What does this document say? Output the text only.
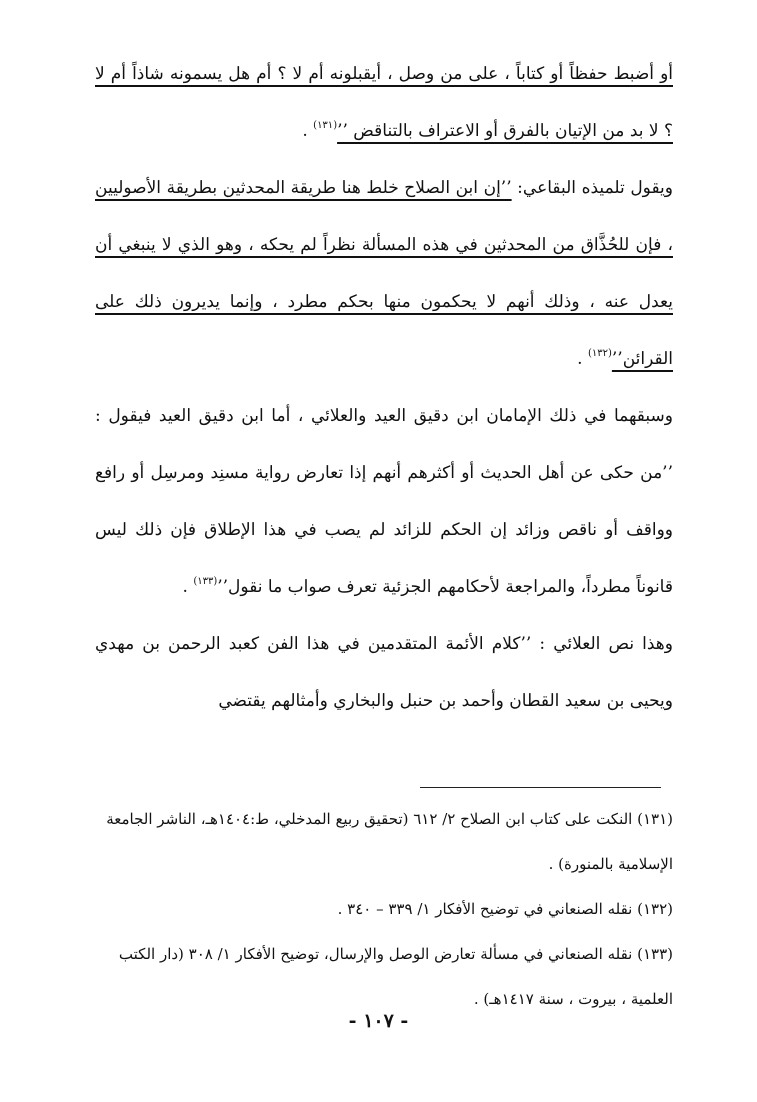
أو أضبط حفظاً أو كتاباً ، على من وصل ، أيقبلونه أم لا ؟ أم هل يسمونه شاذاً أم لا ؟ لا بد من الإتيان بالفرق أو الاعتراف بالتناقض ’’$^{(١٣١)}$ .

ويقول تلميذه البقاعي: ’’إن ابن الصلاح خلط هنا طريقة المحدثين بطريقة الأصوليين ، فإن للحُذَّاق من المحدثين في هذه المسألة نظراً لم يحكه ، وهو الذي لا ينبغي أن يعدل عنه ، وذلك أنهم لا يحكمون منها بحكم مطرد ، وإنما يديرون ذلك على القرائن’’$^{(١٣٢)}$ .

وسبقهما في ذلك الإمامان ابن دقيق العيد والعلائي ، أما ابن دقيق العيد فيقول : ’’من حكى عن أهل الحديث أو أكثرهم أنهم إذا تعارض رواية مسنِد ومرسِل أو رافع وواقف أو ناقص وزائد إن الحكم للزائد لم يصب في هذا الإطلاق فإن ذلك ليس قانوناً مطرداً، والمراجعة لأحكامهم الجزئية تعرف صواب ما نقول’’$^{(١٣٣)}$ .

وهذا نص العلائي : ’’كلام الأئمة المتقدمين في هذا الفن كعبد الرحمن بن مهدي ويحيى بن سعيد القطان وأحمد بن حنبل والبخاري وأمثالهم يقتضي

(١٣١) النكت على كتاب ابن الصلاح ٢/ ٦١٢ (تحقيق ربيع المدخلي، ط:١٤٠٤هـ، الناشر الجامعة الإسلامية بالمنورة) .

(١٣٢) نقله الصنعاني في توضيح الأفكار ١/ ٣٣٩ – ٣٤٠ .

(١٣٣) نقله الصنعاني في مسألة تعارض الوصل والإرسال، توضيح الأفكار ١/ ٣٠٨ (دار الكتب العلمية ، بيروت ، سنة ١٤١٧هـ) .

- ١٠٧ -
